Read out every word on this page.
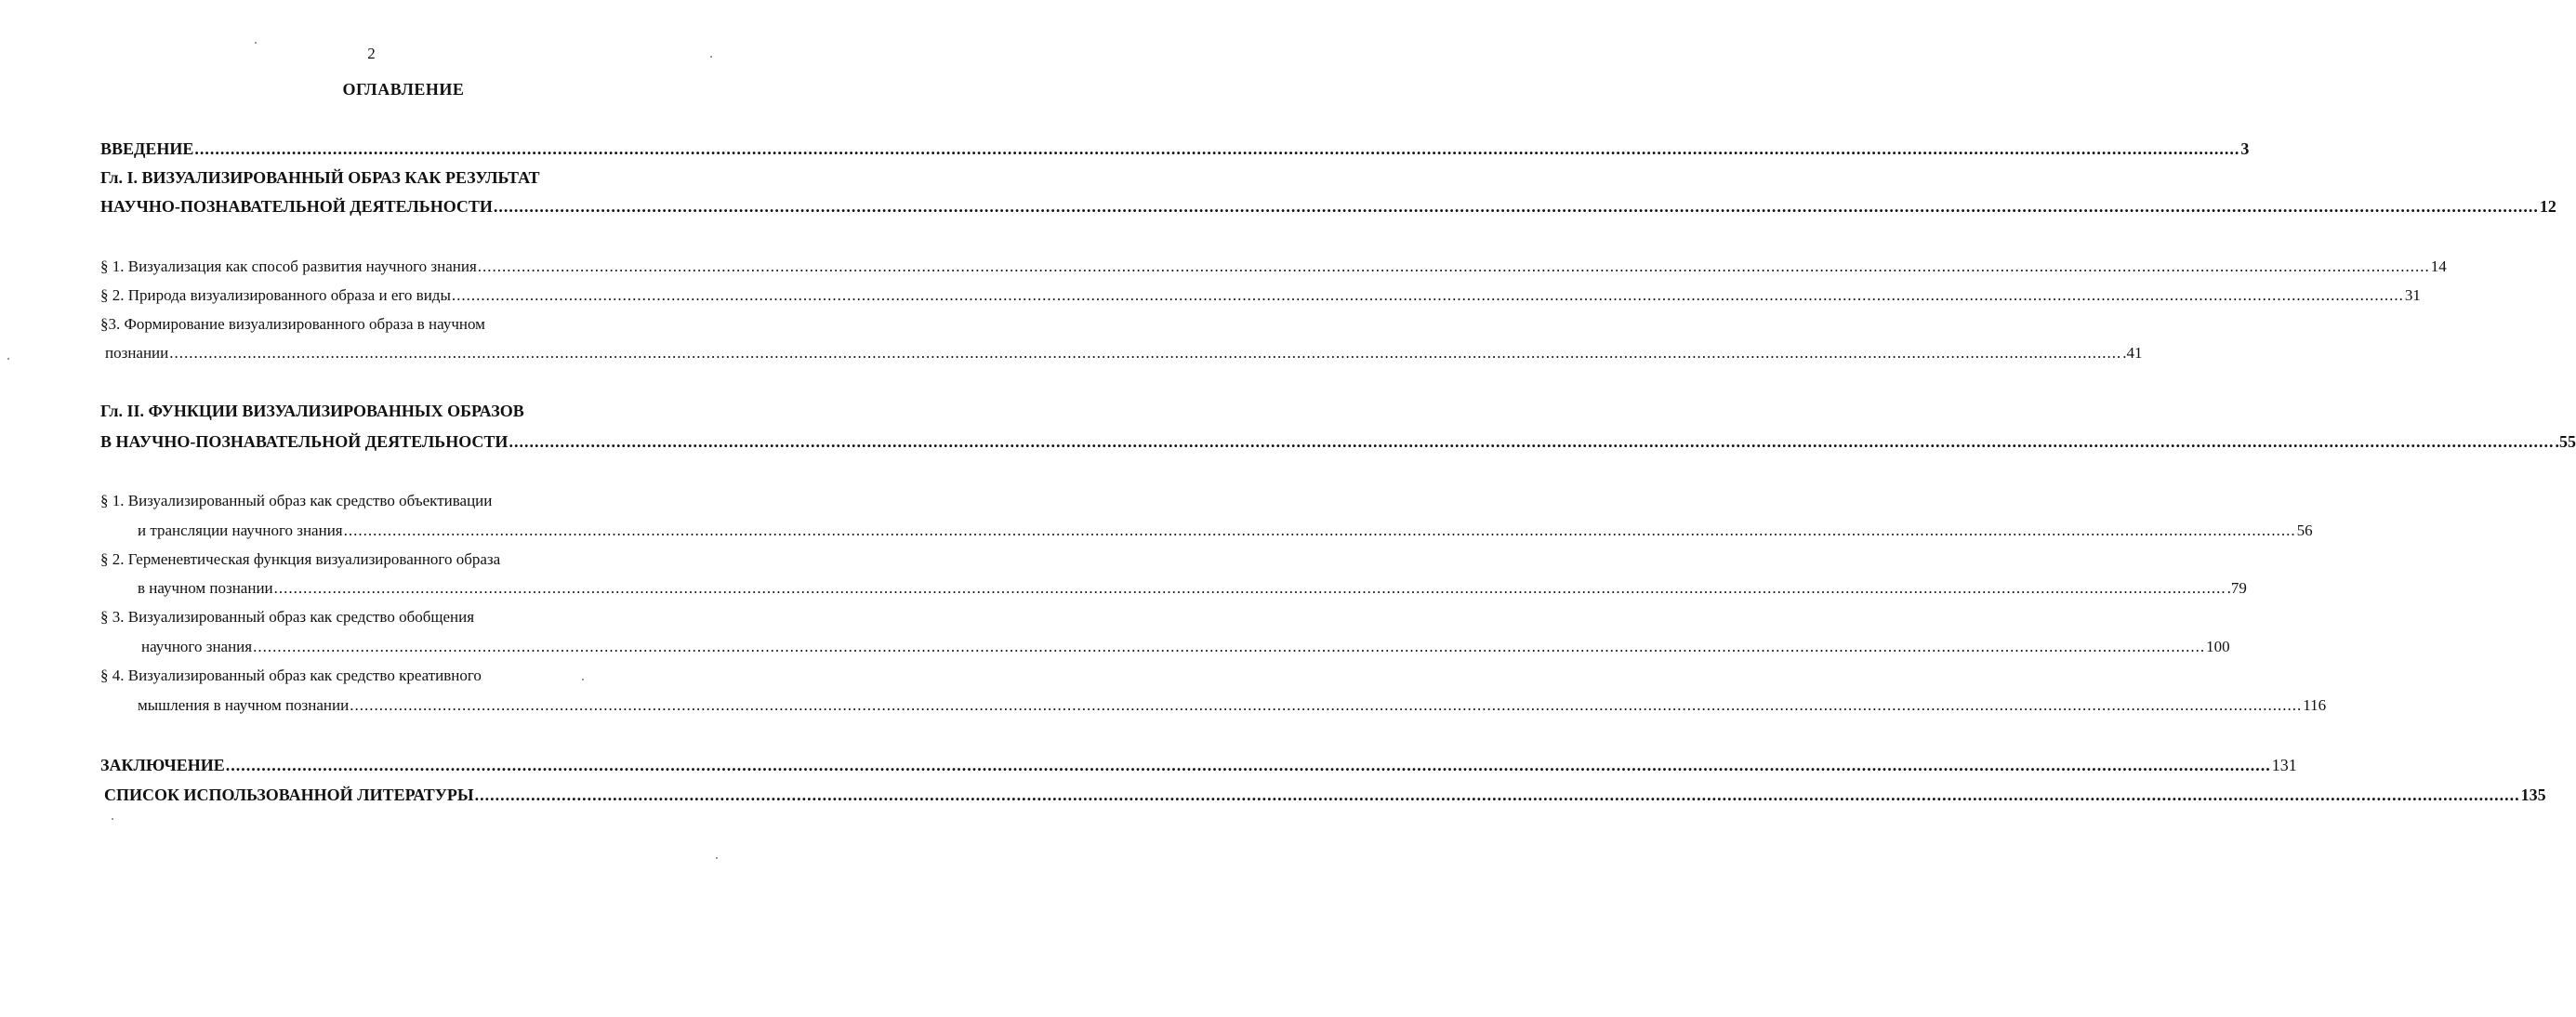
2
ОГЛАВЛЕНИЕ
ВВЕДЕНИЕ ................................................................................................................................................................................................................................................................................................................................................................................................................ 3
Гл. I. ВИЗУАЛИЗИРОВАННЫЙ ОБРАЗ КАК РЕЗУЛЬТАТ
НАУЧНО-ПОЗНАВАТЕЛЬНОЙ ДЕЯТЕЛЬНОСТИ ................................................................................................................................................................................................................................................................................................................................................................................................................ 12
§ 1. Визуализация как способ развития научного знания ................................................................................................................................................................................................................................................................................................................................................................................................................ 14
§ 2. Природа визуализированного образа и его виды ................................................................................................................................................................................................................................................................................................................................................................................................................ 31
§3. Формирование визуализированного образа в научном
познании ................................................................................................................................................................................................................................................................................................................................................................................................................ .41
Гл. II. ФУНКЦИИ ВИЗУАЛИЗИРОВАННЫХ ОБРАЗОВ
В НАУЧНО-ПОЗНАВАТЕЛЬНОЙ ДЕЯТЕЛЬНОСТИ ................................................................................................................................................................................................................................................................................................................................................................................................................ .55
§ 1. Визуализированный образ как средство объективации
и трансляции научного знания ................................................................................................................................................................................................................................................................................................................................................................................................................ 56
§ 2. Герменевтическая функция визуализированного образа
в научном познании ................................................................................................................................................................................................................................................................................................................................................................................................................ .79
§ 3. Визуализированный образ как средство обобщения
научного знания ................................................................................................................................................................................................................................................................................................................................................................................................................ 100
§ 4. Визуализированный образ как средство креативного
мышления в научном познании ................................................................................................................................................................................................................................................................................................................................................................................................................ 116
ЗАКЛЮЧЕНИЕ ................................................................................................................................................................................................................................................................................................................................................................................................................ 131
СПИСОК ИСПОЛЬЗОВАННОЙ ЛИТЕРАТУРЫ ................................................................................................................................................................................................................................................................................................................................................................................................................ 135
